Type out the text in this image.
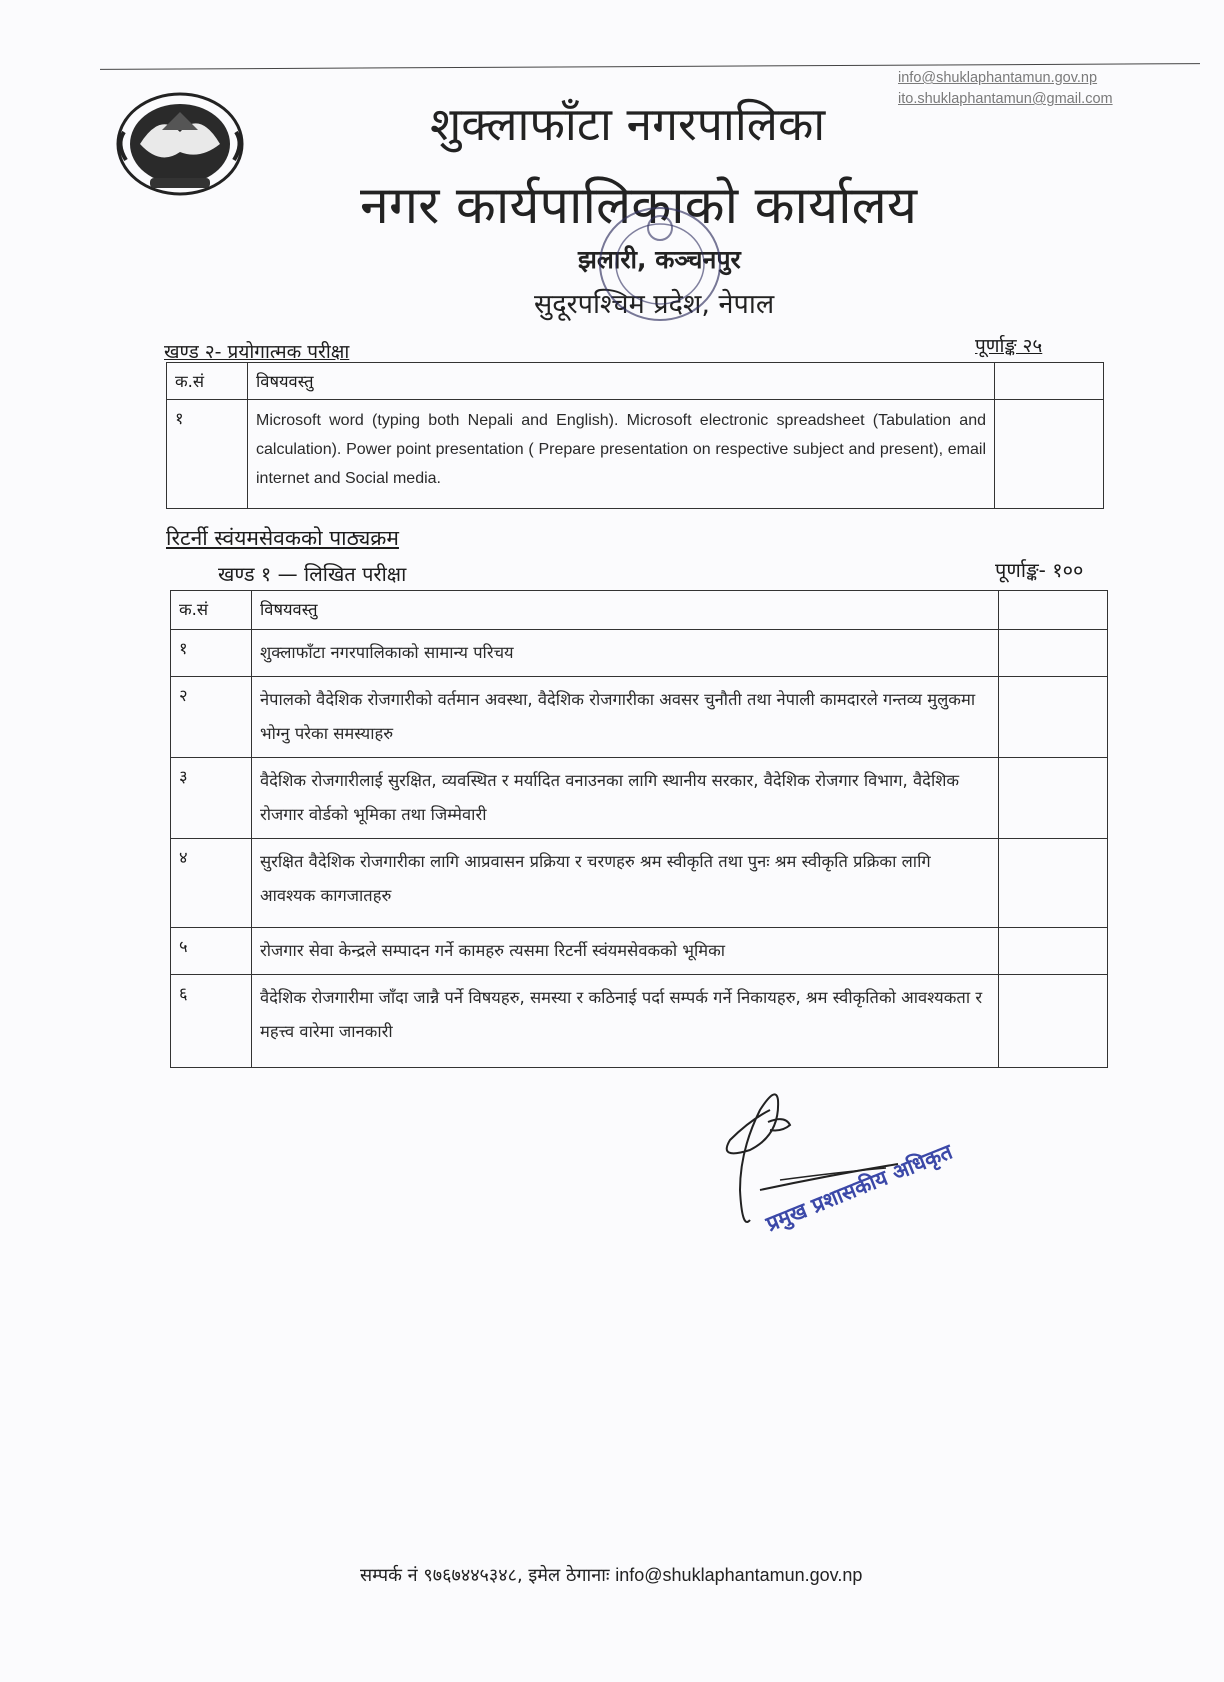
info@shuklaphantamun.gov.np
ito.shuklaphantamun@gmail.com
शुक्लाफाँटा नगरपालिका
नगर कार्यपालिकाको कार्यालय
झलारी, कञ्चनपुर
सुदूरपश्चिम प्रदेश, नेपाल
खण्ड २- प्रयोगात्मक परीक्षा	पूर्णाङ्क २५
क.सं	विषयवस्तु	
१	Microsoft word (typing both Nepali and English). Microsoft electronic spreadsheet (Tabulation and calculation). Power point presentation ( Prepare presentation on respective subject and present), email internet and Social media.	
रिटर्नी स्वंयमसेवकको पाठ्यक्रम
खण्ड १ — लिखित परीक्षा	पूर्णाङ्क- १००
क.सं	विषयवस्तु	
१	शुक्लाफाँटा नगरपालिकाको सामान्य परिचय	
२	नेपालको वैदेशिक रोजगारीको वर्तमान अवस्था, वैदेशिक रोजगारीका अवसर चुनौती तथा नेपाली कामदारले गन्तव्य मुलुकमा भोग्नु परेका समस्याहरु	
३	वैदेशिक रोजगारीलाई सुरक्षित, व्यवस्थित र मर्यादित वनाउनका लागि स्थानीय सरकार, वैदेशिक रोजगार विभाग, वैदेशिक रोजगार वोर्डको भूमिका तथा जिम्मेवारी	
४	सुरक्षित वैदेशिक रोजगारीका लागि आप्रवासन प्रक्रिया र चरणहरु श्रम स्वीकृति तथा पुनः श्रम स्वीकृति प्रक्रिका लागि आवश्यक कागजातहरु	
५	रोजगार सेवा केन्द्रले सम्पादन गर्ने कामहरु त्यसमा रिटर्नी स्वंयमसेवकको भूमिका	
६	वैदेशिक रोजगारीमा जाँदा जान्नै पर्ने विषयहरु, समस्या र कठिनाई पर्दा सम्पर्क गर्ने निकायहरु, श्रम स्वीकृतिको आवश्यकता र महत्त्व वारेमा जानकारी	
प्रमुख प्रशासकीय अधिकृत
सम्पर्क नं ९७६७४४५३४८, इमेल ठेगानाः info@shuklaphantamun.gov.np
